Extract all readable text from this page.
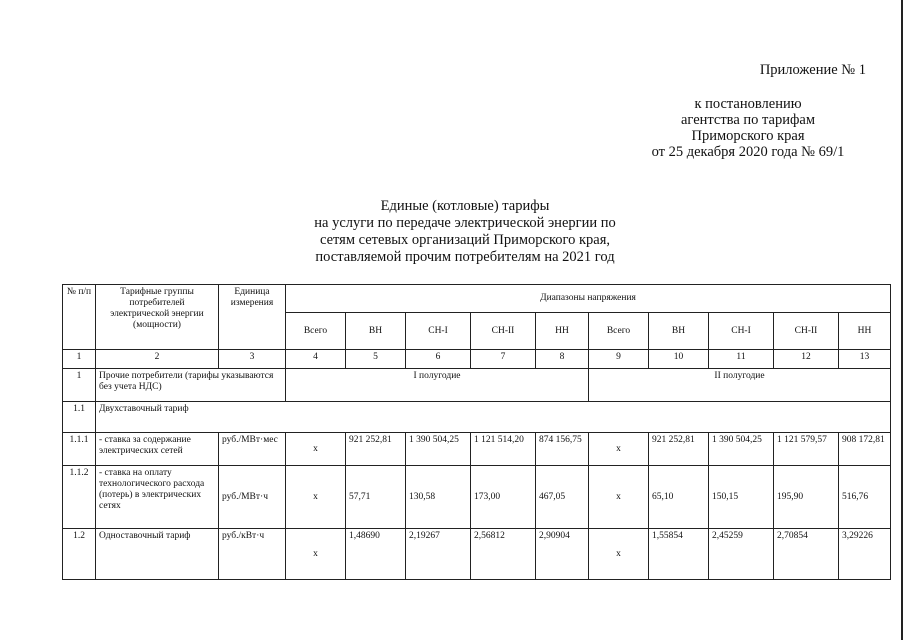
Приложение № 1
к постановлению
агентства по тарифам
Приморского края
от 25 декабря 2020 года № 69/1
Единые (котловые) тарифы
на услуги по передаче электрической энергии по
сетям сетевых организаций Приморского края,
поставляемой прочим потребителям на 2021 год
№ п/п	Тарифные группы потребителей электрической энергии (мощности)	Единица измерения	Диапазоны напряжения									
			Всего	ВН	СН-I	СН-II	НН	Всего	ВН	СН-I	СН-II	НН
1	2	3	4	5	6	7	8	9	10	11	12	13
1	Прочие потребители (тарифы указываются без учета НДС)		I полугодие					II полугодие				
1.1	Двухставочный тариф											
1.1.1	- ставка за содержание электрических сетей	руб./МВт·мес	х	921 252,81	1 390 504,25	1 121 514,20	874 156,75	х	921 252,81	1 390 504,25	1 121 579,57	908 172,81
1.1.2	- ставка на оплату технологического расхода (потерь) в электрических сетях	руб./МВт·ч	х	57,71	130,58	173,00	467,05	х	65,10	150,15	195,90	516,76
1.2	Одноставочный тариф	руб./кВт·ч	х	1,48690	2,19267	2,56812	2,90904	х	1,55854	2,45259	2,70854	3,29226
